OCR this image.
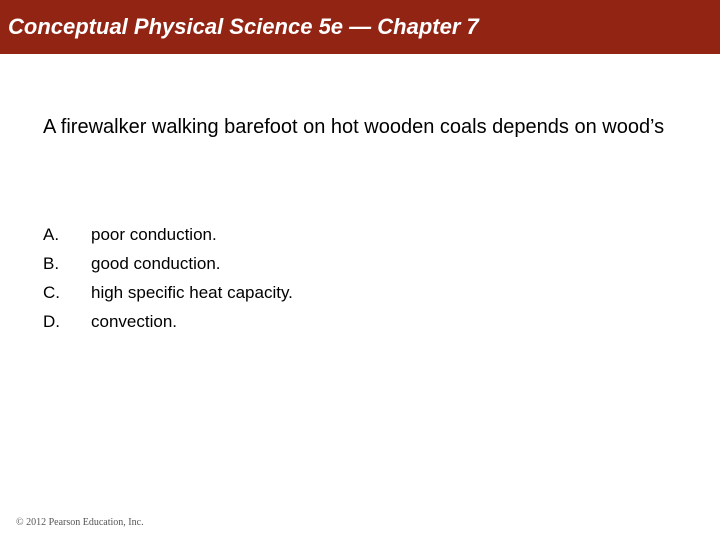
Conceptual Physical Science 5e — Chapter 7

A firewalker walking barefoot on hot wooden coals depends on wood’s

A.	poor conduction.
B.	good conduction.
C.	high specific heat capacity.
D.	convection.

© 2012 Pearson Education, Inc.
